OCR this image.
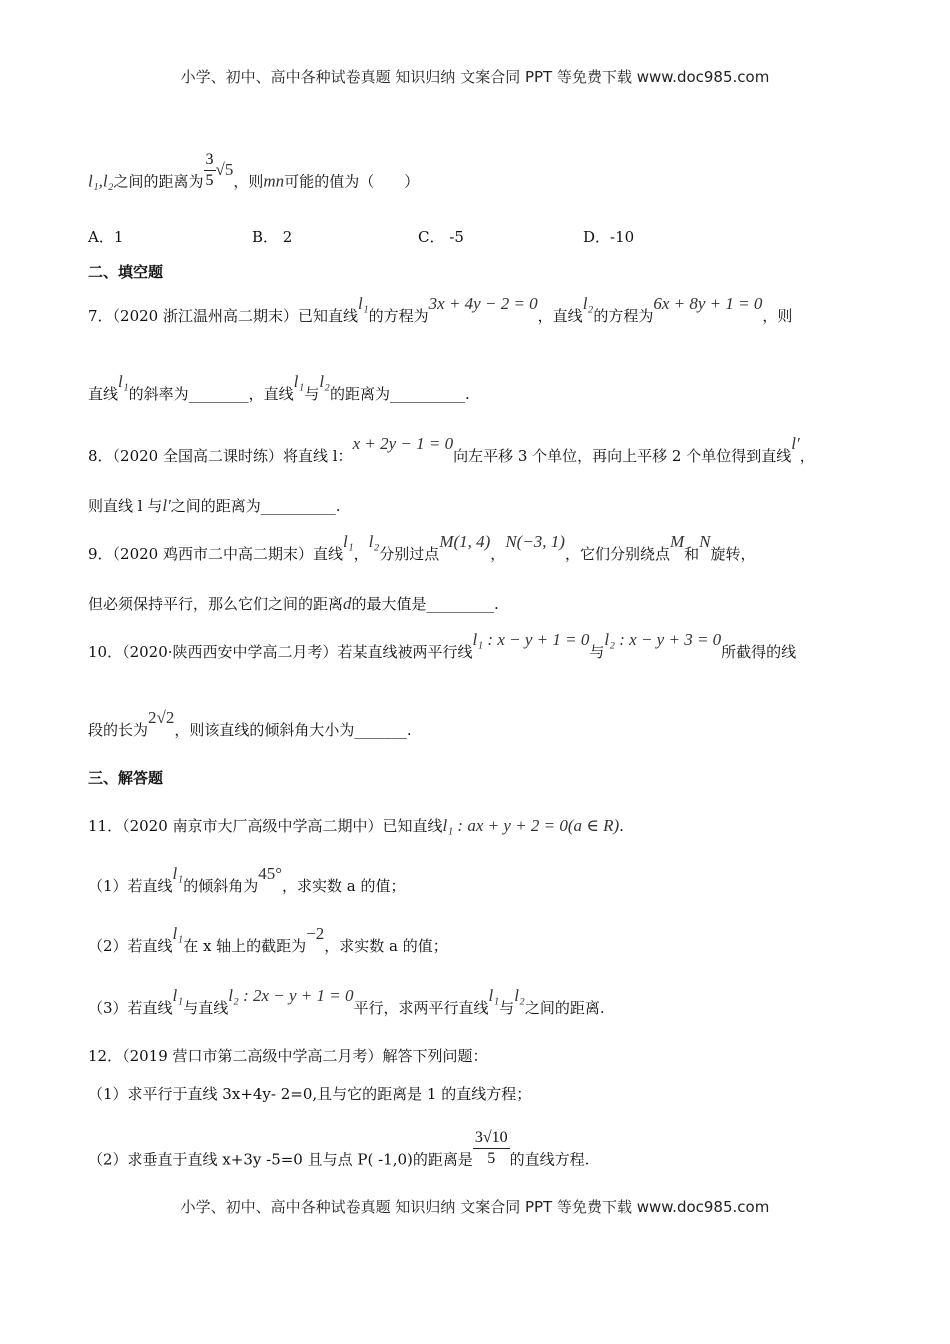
小学、初中、高中各种试卷真题 知识归纳 文案合同 PPT 等免费下载 www.doc985.com
l₁,l₂之间的距离为 $\frac{3}{5} √5$，则mn可能的值为（　　）
A．1	B． 2	C． -5	D．-10
二、填空题
7．（2020 浙江温州高二期末）已知直线l₁的方程为3x + 4y − 2 = 0，直线l₂的方程为6x + 8y + 1 = 0，则
直线l₁的斜率为________，直线l₁与l₂的距离为__________.
8．（2020 全国高二课时练）将直线 l：x + 2y − 1 = 0向左平移 3 个单位，再向上平移 2 个单位得到直线l′，
则直线 l 与l′之间的距离为__________.
9．（2020 鸡西市二中高二期末）直线l₁，l₂分别过点M(1, 4)，N(−3, 1)，它们分别绕点M和N旋转，
但必须保持平行，那么它们之间的距离d的最大值是_________.
10．（2020·陕西西安中学高二月考）若某直线被两平行线l₁ : x − y + 1 = 0与l₂ : x − y + 3 = 0所截得的线
段的长为2√2，则该直线的倾斜角大小为_______.
三、解答题
11．（2020 南京市大厂高级中学高二期中）已知直线l₁ : ax + y + 2 = 0(a ∈ R).
（1）若直线l₁的倾斜角为45°，求实数 a 的值；
（2）若直线l₁在 x 轴上的截距为−2，求实数 a 的值；
（3）若直线l₁与直线l₂ : 2x − y + 1 = 0平行，求两平行直线l₁与l₂之间的距离.
12．（2019 营口市第二高级中学高二月考）解答下列问题：
（1）求平行于直线 3x+4y- 2=0,且与它的距离是 1 的直线方程；
（2）求垂直于直线 x+3y -5=0 且与点 P( -1,0)的距离是 $\frac{3√10}{5}$ 的直线方程.
小学、初中、高中各种试卷真题 知识归纳 文案合同 PPT 等免费下载 www.doc985.com
